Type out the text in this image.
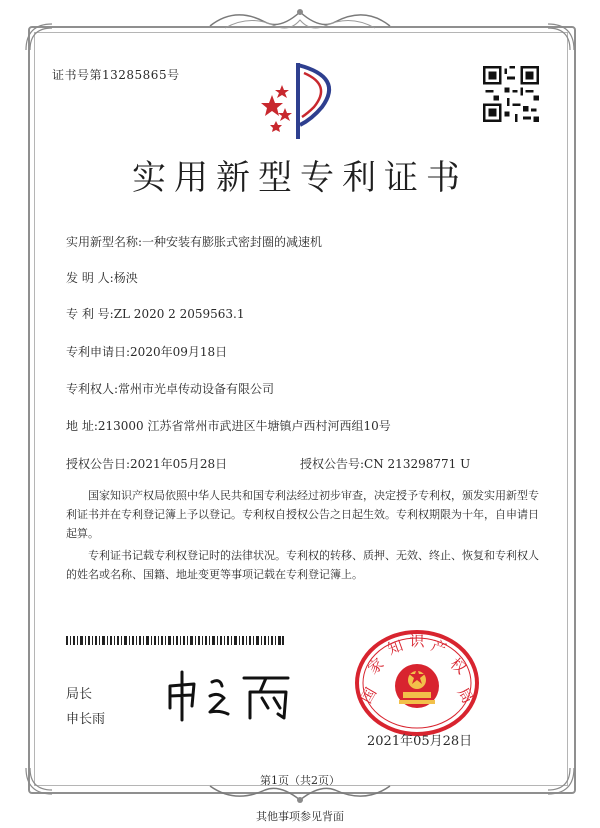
证书号第13285865号
实用新型专利证书
实用新型名称:一种安装有膨胀式密封圈的减速机
发 明 人:杨泱
专 利 号:ZL 2020 2 2059563.1
专利申请日:2020年09月18日
专利权人:常州市光卓传动设备有限公司
地 址:213000 江苏省常州市武进区牛塘镇卢西村河西组10号
授权公告日:2021年05月28日	授权公告号:CN 213298771 U

国家知识产权局依照中华人民共和国专利法经过初步审查，决定授予专利权，颁发实用新型专利证书并在专利登记簿上予以登记。专利权自授权公告之日起生效。专利权期限为十年，自申请日起算。

专利证书记载专利权登记时的法律状况。专利权的转移、质押、无效、终止、恢复和专利权人的姓名或名称、国籍、地址变更等事项记载在专利登记簿上。

局长
申长雨
国
家
知 识 产
权
局
2021年05月28日
第1页（共2页）
其他事项参见背面
